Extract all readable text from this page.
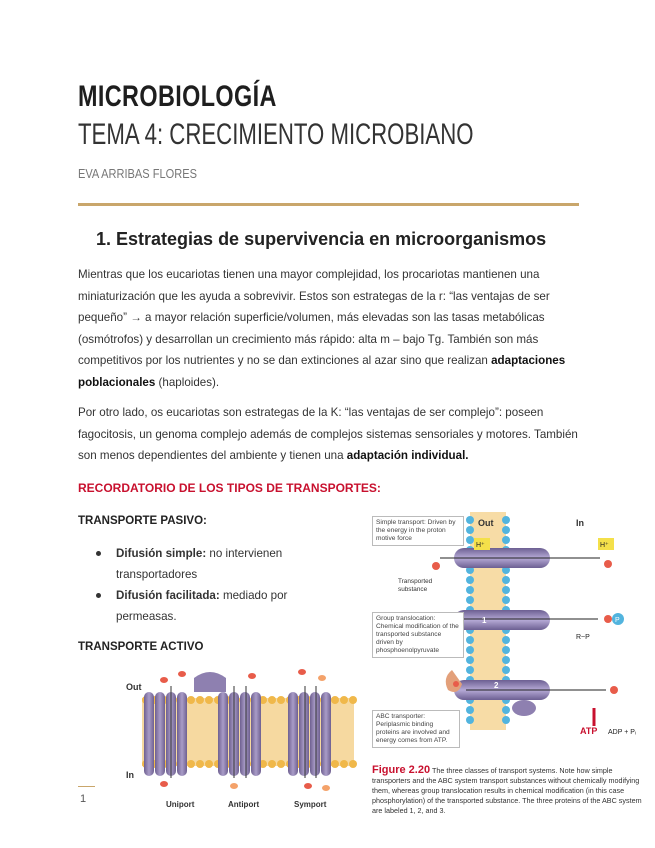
MICROBIOLOGÍA
TEMA 4: CRECIMIENTO MICROBIANO
EVA ARRIBAS FLORES
1. Estrategias de supervivencia en microorganismos
Mientras que los eucariotas tienen una mayor complejidad, los procariotas mantienen una miniaturización que les ayuda a sobrevivir. Estos son estrategas de la r: “las ventajas de ser pequeño” → a mayor relación superficie/volumen, más elevadas son las tasas metabólicas (osmótrofos) y desarrollan un crecimiento más rápido: alta m – bajo Tg. También son más competitivos por los nutrientes y no se dan extinciones al azar sino que realizan adaptaciones poblacionales (haploides).
Por otro lado, os eucariotas son estrategas de la K: “las ventajas de ser complejo”: poseen fagocitosis, un genoma complejo además de complejos sistemas sensoriales y motores. También son menos dependientes del ambiente y tienen una adaptación individual.
RECORDATORIO DE LOS TIPOS DE TRANSPORTES:
TRANSPORTE PASIVO:
Difusión simple: no intervienen transportadores
Difusión facilitada: mediado por permeasas.
TRANSPORTE ACTIVO
Out
In
Uniport	Antiport	Symport
H⁺	H⁺
P
R~P
1
2
3
ATP ADP + Pᵢ
Out	In
Simple transport: Driven by the energy in the proton motive force
Transported substance
Group translocation: Chemical modification of the transported substance driven by phosphoenolpyruvate
ABC transporter: Periplasmic binding proteins are involved and energy comes from ATP.
Figure 2.20 The three classes of transport systems. Note how simple transporters and the ABC system transport substances without chemically modifying them, whereas group translocation results in chemical modification (in this case phosphorylation) of the transported substance. The three proteins of the ABC system are labeled 1, 2, and 3.
1
